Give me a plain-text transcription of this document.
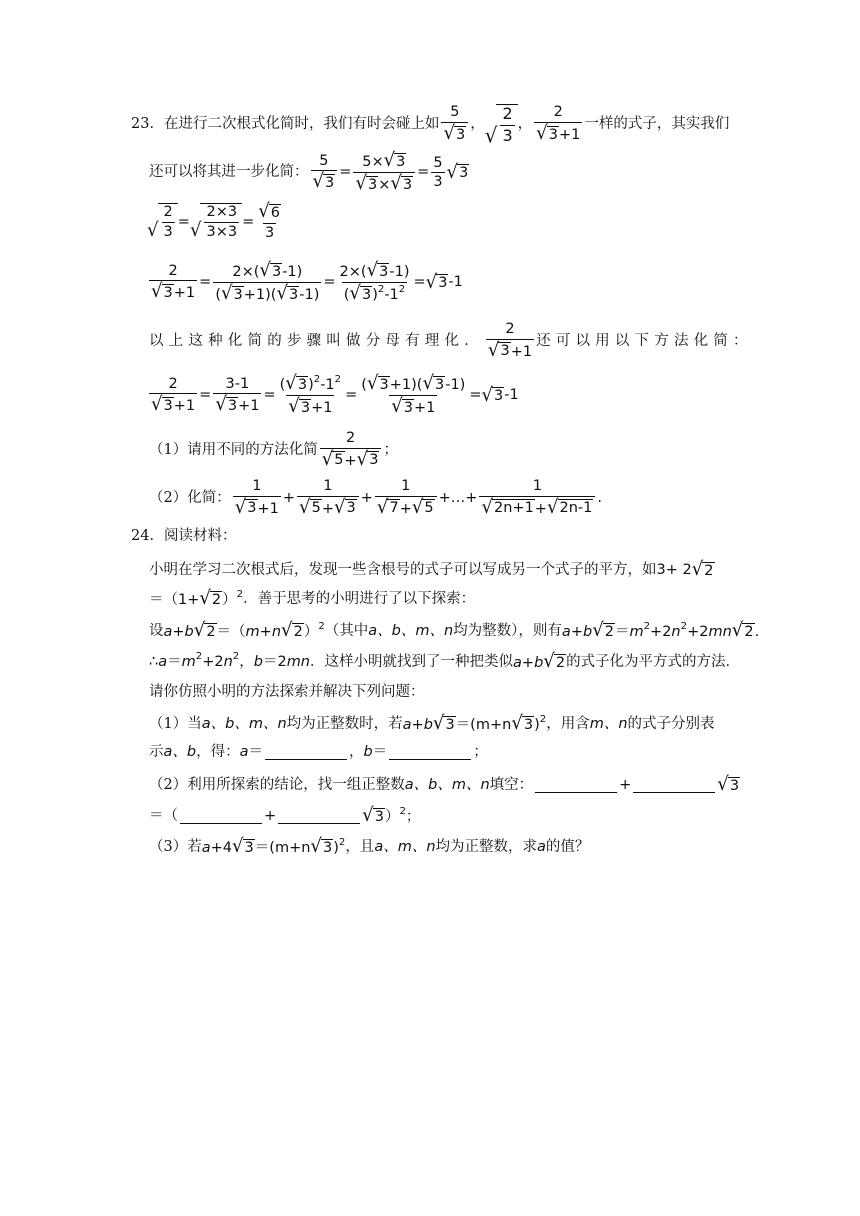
23． 在进行二次根式化简时，我们有时会碰上如
5
√ 3
， √ $\frac{2}{3}$ ，
2
√ 3 +1
一样的式子，其实我们
还可以将其进一步化简： $\frac{5}{√ 3} = \frac{5\times √ 3}{√ 3 \times √ 3} = \frac{5}{3}$ √ 3
√ $\frac{2}{3}$ = √ $\frac{2\times 3}{3\times 3} = \frac{√ 6}{3}$
$\frac{2}{√ 3 +1} = \frac{2\times( √ 3 -1)}{( √ 3 +1)( √ 3 -1)} = \frac{2\times( √ 3 -1)}{( √ 3 )^2-1^2}$ = √ 3 -1
以上这种化简的步骤叫做分母有理化．
2
√ 3 +1
还可以用以下方法化简：
$\frac{2}{√ 3 +1} = \frac{3-1}{√ 3 +1} = \frac{( √ 3 )^2-1^2}{√ 3 +1} = \frac{( √ 3 +1)( √ 3 -1)}{√ 3 +1}$ = √ 3 -1
（1）请用不同的方法化简
2
√ 5 + √ 3
；
（2）化简：
1
√ 3 +1
+ $\frac{1}{√ 5 + √ 3} + \frac{1}{√ 7 + √ 5}$ +…+ $\frac{1}{√ 2n+1 + √ 2n-1}$ .
24． 阅读材料：
小明在学习二次根式后，发现一些含根号的式子可以写成另一个式子的平方，如 3+ 2 √ 2
＝（1+ √ 2 ）$^2$ ．善于思考的小明进行了以下探索：
设 a+b √ 2 ＝（m+n √ 2 ）$^2$ （其中 a、b、m、n 均为整数），则有 a+b √ $2 =m^2+2n^2+2mn$ √ 2 .
∴ $a=m^2+2n^2$，b＝2mn ．这样小明就找到了一种把类似 a+b √ 2 的式子化为平方式的方法．
请你仿照小明的方法探索并解决下列问题：
（1）当 a、b、m、n 均为正整数时，若 a+b √ 3 ＝(m+n √ 3 )$^2$ ，用含 m、n 的式子分别表
示 a、b ，得： a＝	，b＝	；
（2）利用所探索的结论，找一组正整数 a、b、m、n 填空：	+	√ 3
＝（	+	√ 3 ）$^2$；
（3）若 a+4 √ 3 ＝(m+n √ 3 )$^2$ ，且 a、m、n 均为正整数，求 a 的值？
